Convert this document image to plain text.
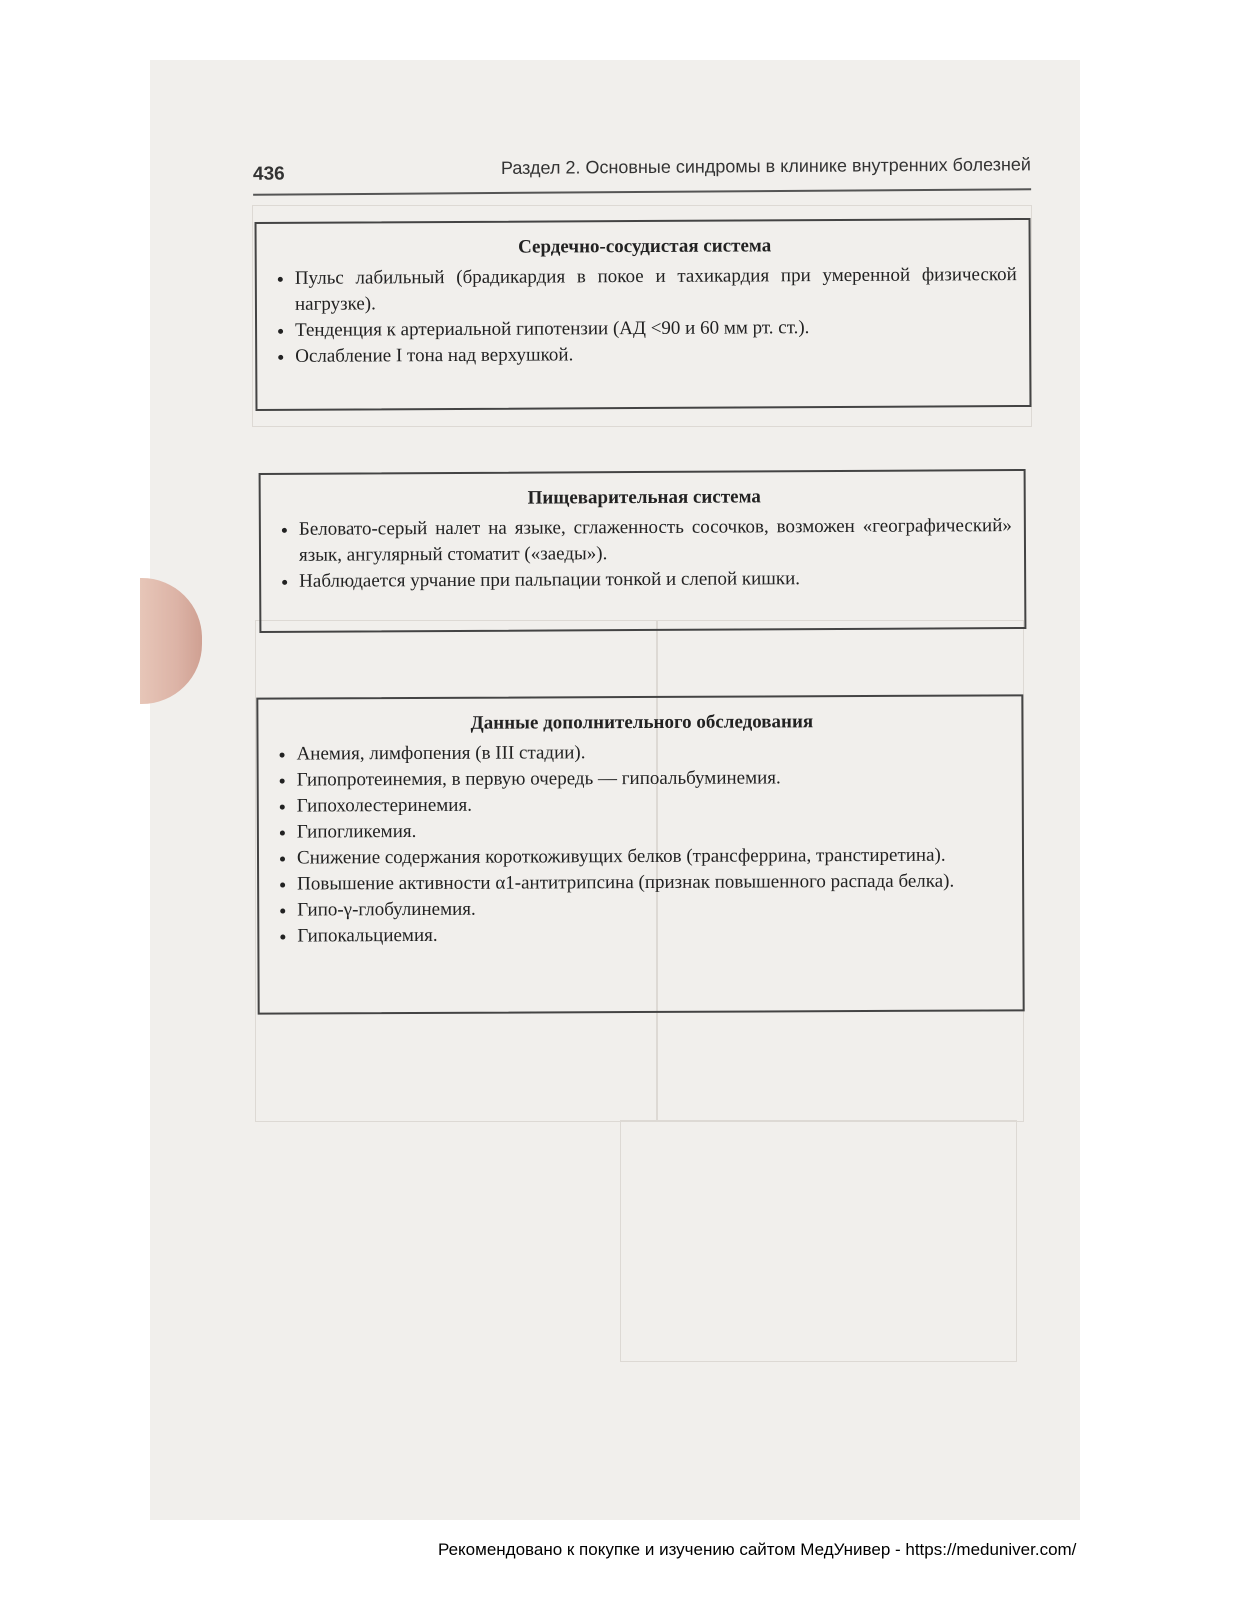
436	Раздел 2. Основные синдромы в клинике внутренних болезней
Сердечно-сосудистая система
• Пульс лабильный (брадикардия в покое и тахикардия при умеренной физической нагрузке).
• Тенденция к артериальной гипотензии (АД <90 и 60 мм рт. ст.).
• Ослабление I тона над верхушкой.
Пищеварительная система
• Беловато-серый налет на языке, сглаженность сосочков, возможен «географический» язык, ангулярный стоматит («заеды»).
• Наблюдается урчание при пальпации тонкой и слепой кишки.
Данные дополнительного обследования
• Анемия, лимфопения (в III стадии).
• Гипопротеинемия, в первую очередь — гипоальбуминемия.
• Гипохолестеринемия.
• Гипогликемия.
• Снижение содержания короткоживущих белков (трансферрина, транстиретина).
• Повышение активности α1-антитрипсина (признак повышенного распада белка).
• Гипо-γ-глобулинемия.
• Гипокальциемия.
Рекомендовано к покупке и изучению сайтом МедУнивер - https://meduniver.com/
